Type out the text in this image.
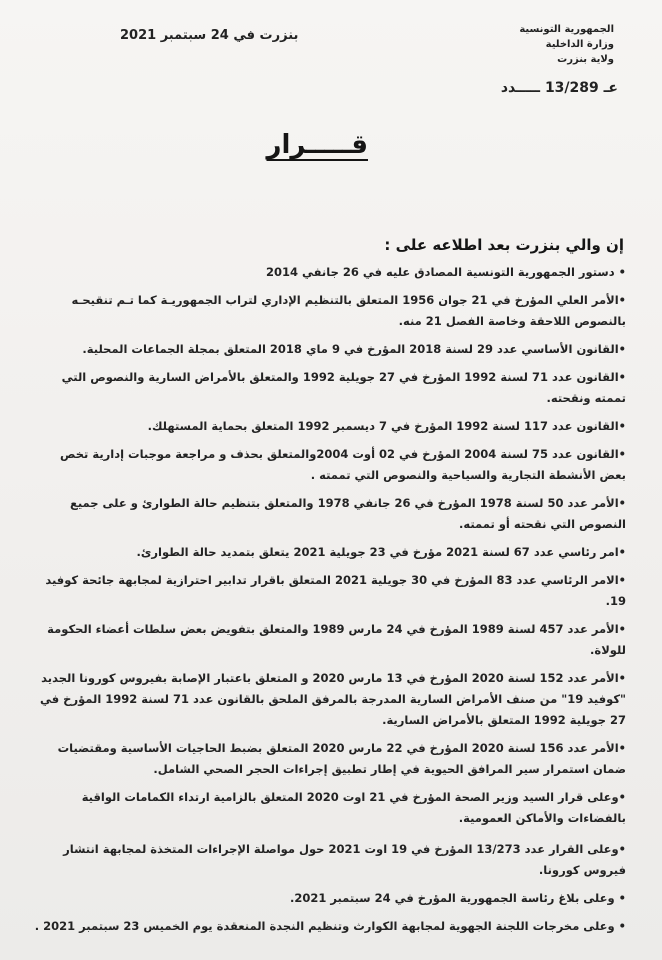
الجمهورية التونسية
وزارة الداخلية
ولاية بنزرت
بنزرت في 24 سبتمبر 2021
عـ 13/289 ـــــدد
قـــــرار
إن والي بنزرت بعد اطلاعه على :
• دستور الجمهورية التونسية المصادق عليه في 26 جانفي 2014
•الأمر العلي المؤرخ في 21 جوان 1956 المتعلق بالتنظيم الإداري لتراب الجمهوريـة كما تـم تنقيحـه بالنصوص اللاحقة وخاصة الفصل 21 منه.
•القانون الأساسي عدد 29 لسنة 2018 المؤرخ في 9 ماي 2018 المتعلق بمجلة الجماعات المحلية.
•القانون عدد 71 لسنة 1992 المؤرخ في 27 جويلية 1992 والمتعلق بالأمراض السارية والنصوص التي تممته ونقحته.
•القانون عدد 117 لسنة 1992 المؤرخ في 7 ديسمبر 1992 المتعلق بحماية المستهلك.
•القانون عدد 75 لسنة 2004 المؤرخ في 02 أوت 2004والمتعلق بحذف و مراجعة موجبات إدارية تخص بعض الأنشطة التجارية والسياحية والنصوص التي تممته .
•الأمر عدد 50 لسنة 1978 المؤرخ في 26 جانفي 1978 والمتعلق بتنظيم حالة الطوارئ و على جميع النصوص التي نقحته أو تممته.
•امر رئاسي عدد 67 لسنة 2021 مؤرخ في 23 جويلية 2021 يتعلق بتمديد حالة الطوارئ.
•الامر الرئاسي عدد 83 المؤرخ في 30 جويلية 2021 المتعلق باقرار تدابير احترازية لمجابهة جائحة كوفيد 19.
•الأمر عدد 457 لسنة 1989 المؤرخ في 24 مارس 1989 والمتعلق بتفويض بعض سلطات أعضاء الحكومة للولاة.
•الأمر عدد 152 لسنة 2020 المؤرخ في 13 مارس 2020 و المتعلق باعتبار الإصابة بفيروس كورونا الجديد "كوفيد 19" من صنف الأمراض السارية المدرجة بالمرفق الملحق بالقانون عدد 71 لسنة 1992 المؤرخ في 27 جويلية 1992 المتعلق بالأمراض السارية.
•الأمر عدد 156 لسنة 2020 المؤرخ في 22 مارس 2020 المتعلق بضبط الحاجيات الأساسية ومقتضيات ضمان استمرار سير المرافق الحيوية في إطار تطبيق إجراءات الحجر الصحي الشامل.
•وعلى قرار السيد وزير الصحة المؤرخ في 21 اوت 2020 المتعلق بالزامية ارتداء الكمامات الواقية بالفضاءات والأماكن العمومية.
•وعلى القرار عدد 13/273 المؤرخ في 19 اوت 2021 حول مواصلة الإجراءات المتخذة لمجابهة انتشار فيروس كورونا.
• وعلى بلاغ رئاسة الجمهورية المؤرخ في 24 سبتمبر 2021.
• وعلى مخرجات اللجنة الجهوية لمجابهة الكوارث وتنظيم النجدة المنعقدة يوم الخميس 23 سبتمبر 2021 .
